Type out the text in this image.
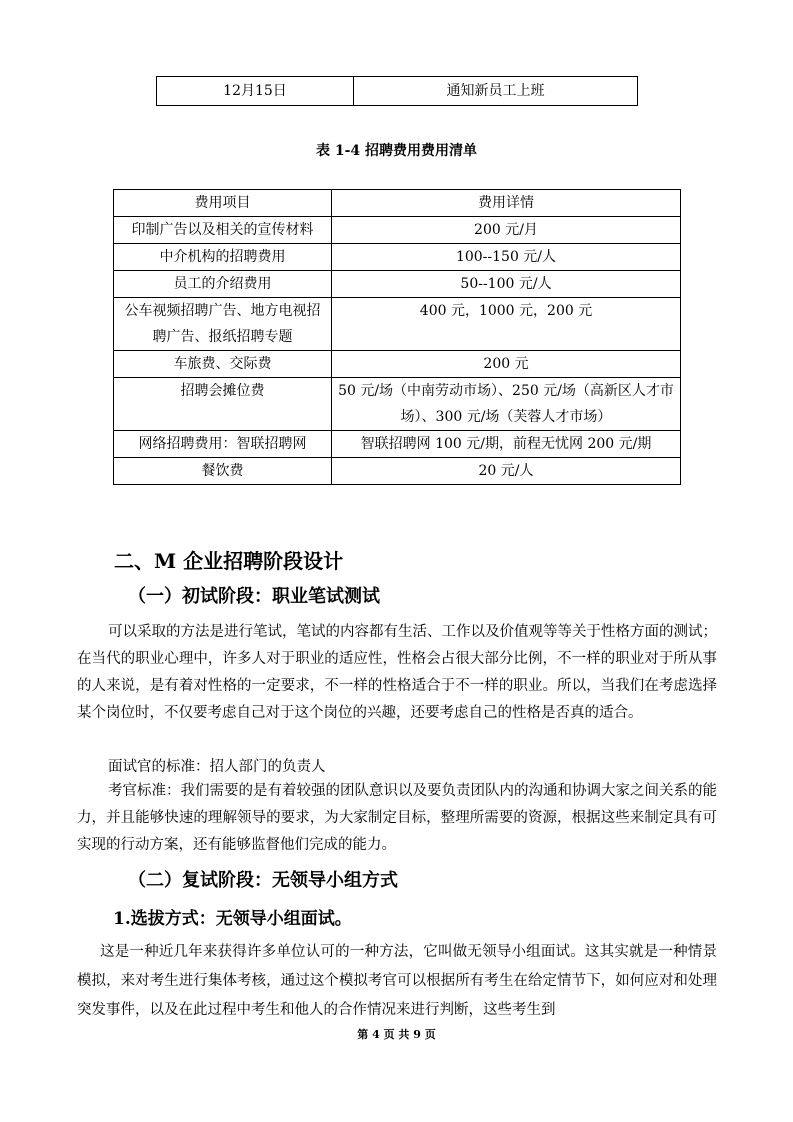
12月15日	通知新员工上班
表 1-4 招聘费用费用清单
费用项目	费用详情
印制广告以及相关的宣传材料	200 元/月
中介机构的招聘费用	100--150 元/人
员工的介绍费用	50--100 元/人
公车视频招聘广告、地方电视招聘广告、报纸招聘专题	400 元，1000 元，200 元
车旅费、交际费	200 元
招聘会摊位费	50 元/场（中南劳动市场）、250 元/场（高新区人才市场）、300 元/场（芙蓉人才市场）
网络招聘费用：智联招聘网	智联招聘网 100 元/期，前程无忧网 200 元/期
餐饮费	20 元/人
二、M 企业招聘阶段设计
（一）初试阶段：职业笔试测试
可以采取的方法是进行笔试，笔试的内容都有生活、工作以及价值观等等关于性格方面的测试；在当代的职业心理中，许多人对于职业的适应性，性格会占很大部分比例，不一样的职业对于所从事的人来说，是有着对性格的一定要求，不一样的性格适合于不一样的职业。所以，当我们在考虑选择某个岗位时，不仅要考虑自己对于这个岗位的兴趣，还要考虑自己的性格是否真的适合。
面试官的标准：招人部门的负责人
考官标准：我们需要的是有着较强的团队意识以及要负责团队内的沟通和协调大家之间关系的能力，并且能够快速的理解领导的要求，为大家制定目标，整理所需要的资源，根据这些来制定具有可实现的行动方案，还有能够监督他们完成的能力。
（二）复试阶段：无领导小组方式
1.选拔方式：无领导小组面试。
这是一种近几年来获得许多单位认可的一种方法，它叫做无领导小组面试。这其实就是一种情景模拟，来对考生进行集体考核，通过这个模拟考官可以根据所有考生在给定情节下，如何应对和处理突发事件，以及在此过程中考生和他人的合作情况来进行判断，这些考生到
第 4 页 共 9 页
